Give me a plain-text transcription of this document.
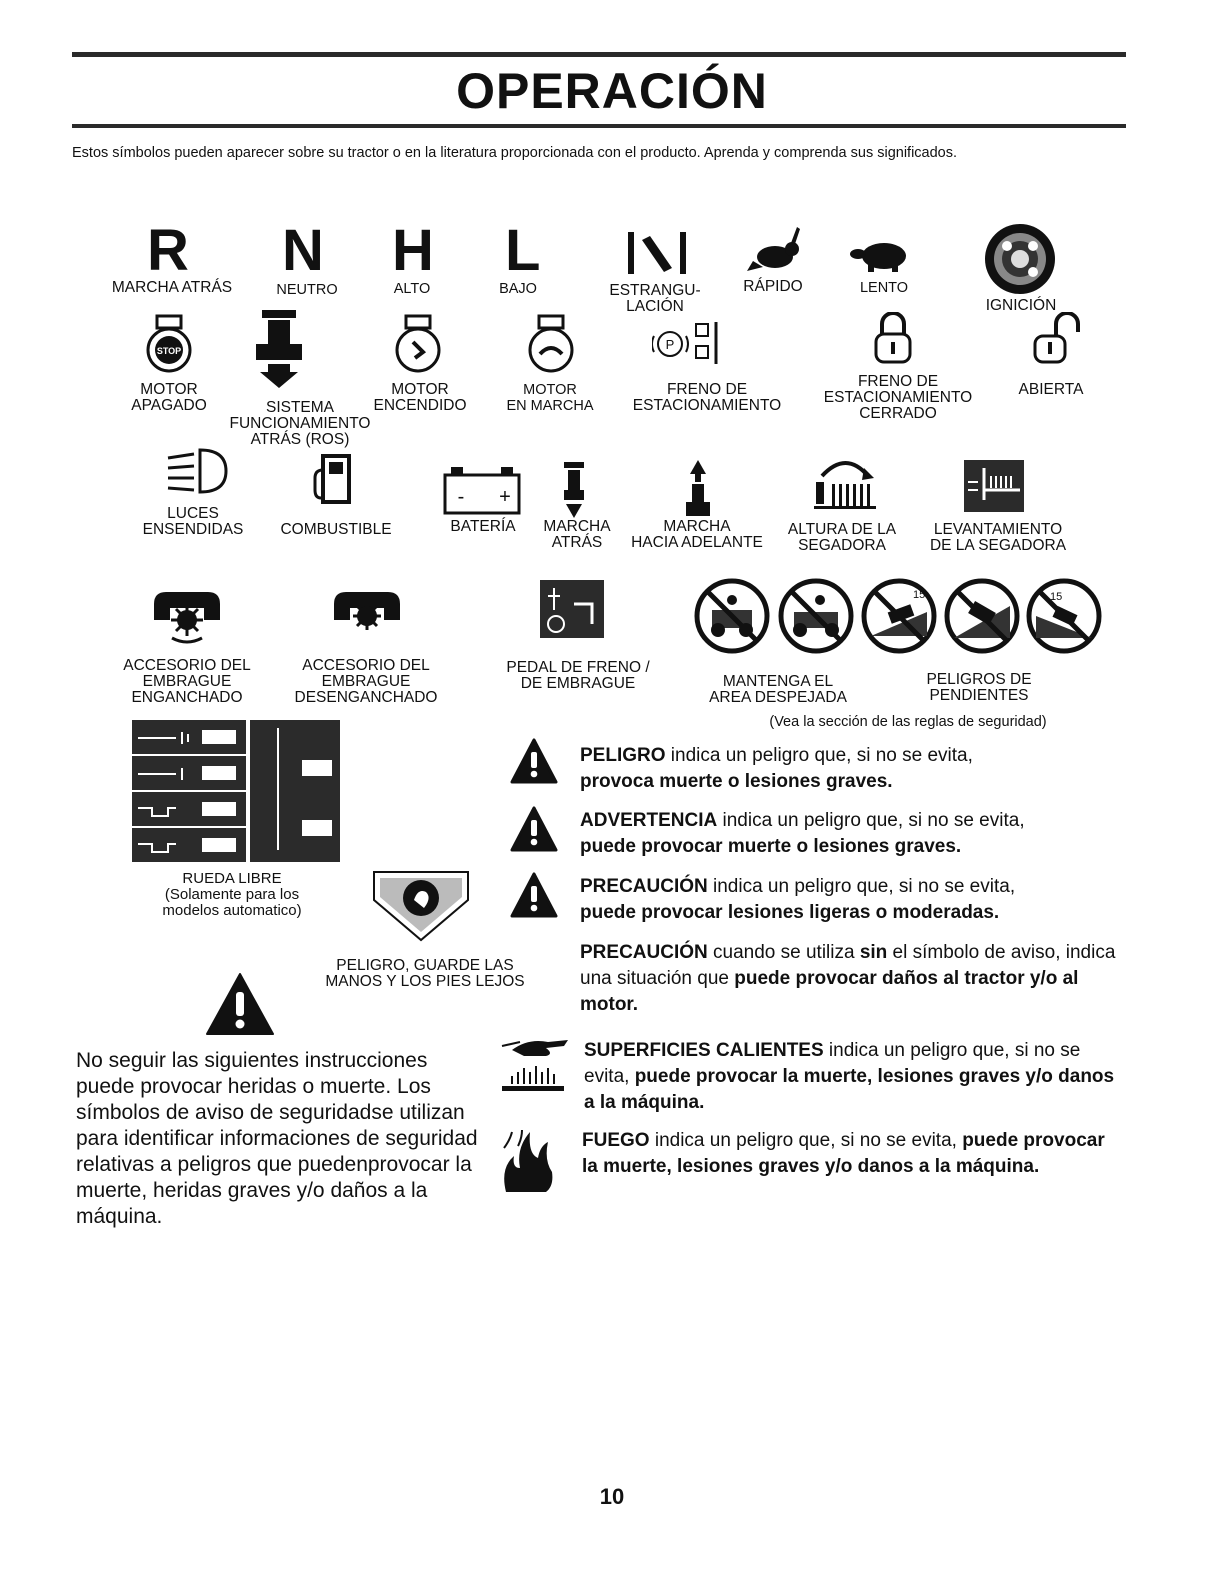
OPERACIÓN
Estos símbolos pueden aparecer sobre su tractor o en la literatura proporcionada con el producto. Aprenda y comprenda sus significados.
R N H L
MARCHA ATRÁS	NEUTRO	ALTO	BAJO	ESTRANGU-
LACIÓN
RÁPIDO	LENTO
IGNICIÓN
STOP	P
MOTOR
APAGADO	SISTEMA
FUNCIONAMIENTO
ATRÁS (ROS)
MOTOR
ENCENDIDO
MOTOR
EN MARCHA
FRENO DE
ESTACIONAMIENTO
FRENO DE
ESTACIONAMIENTO
CERRADO
ABIERTA
- +
LUCES
ENSENDIDAS COMBUSTIBLE	BATERÍA MARCHA
ATRÁS
MARCHA
HACIA ADELANTE
ALTURA DE LA
SEGADORA
LEVANTAMIENTO
DE LA SEGADORA
15	15
ACCESORIO DEL
EMBRAGUE
ENGANCHADO
ACCESORIO DEL
EMBRAGUE
DESENGANCHADO
PEDAL DE FRENO /
DE EMBRAGUE	MANTENGA EL
AREA DESPEJADA
PELIGROS DE
PENDIENTES
(Vea la sección de las reglas de seguridad)
RUEDA LIBRE
(Solamente para los
modelos automatico)
PELIGRO, GUARDE LAS
MANOS Y LOS PIES LEJOS
No seguir las siguientes instrucciones puede provocar heridas o muerte. Los símbolos de aviso de seguridadse utilizan para identificar informaciones de seguridad relativas a peligros que puedenprovocar la muerte, heridas graves y/o daños a la máquina.
PELIGRO indica un peligro que, si no se evita,
provoca muerte o lesiones graves.
ADVERTENCIA indica un peligro que, si no se evita,
puede provocar muerte o lesiones graves.
PRECAUCIÓN indica un peligro que, si no se evita,
puede provocar lesiones ligeras o moderadas.
PRECAUCIÓN cuando se utiliza sin el símbolo de aviso, indica una situación que puede provocar daños al tractor y/o al motor.
SUPERFICIES CALIENTES indica un peligro que, si no se evita, puede provocar la muerte, lesiones graves y/o danos a la máquina.
FUEGO indica un peligro que, si no se evita, puede provocar la muerte, lesiones graves y/o danos a la máquina.
10
